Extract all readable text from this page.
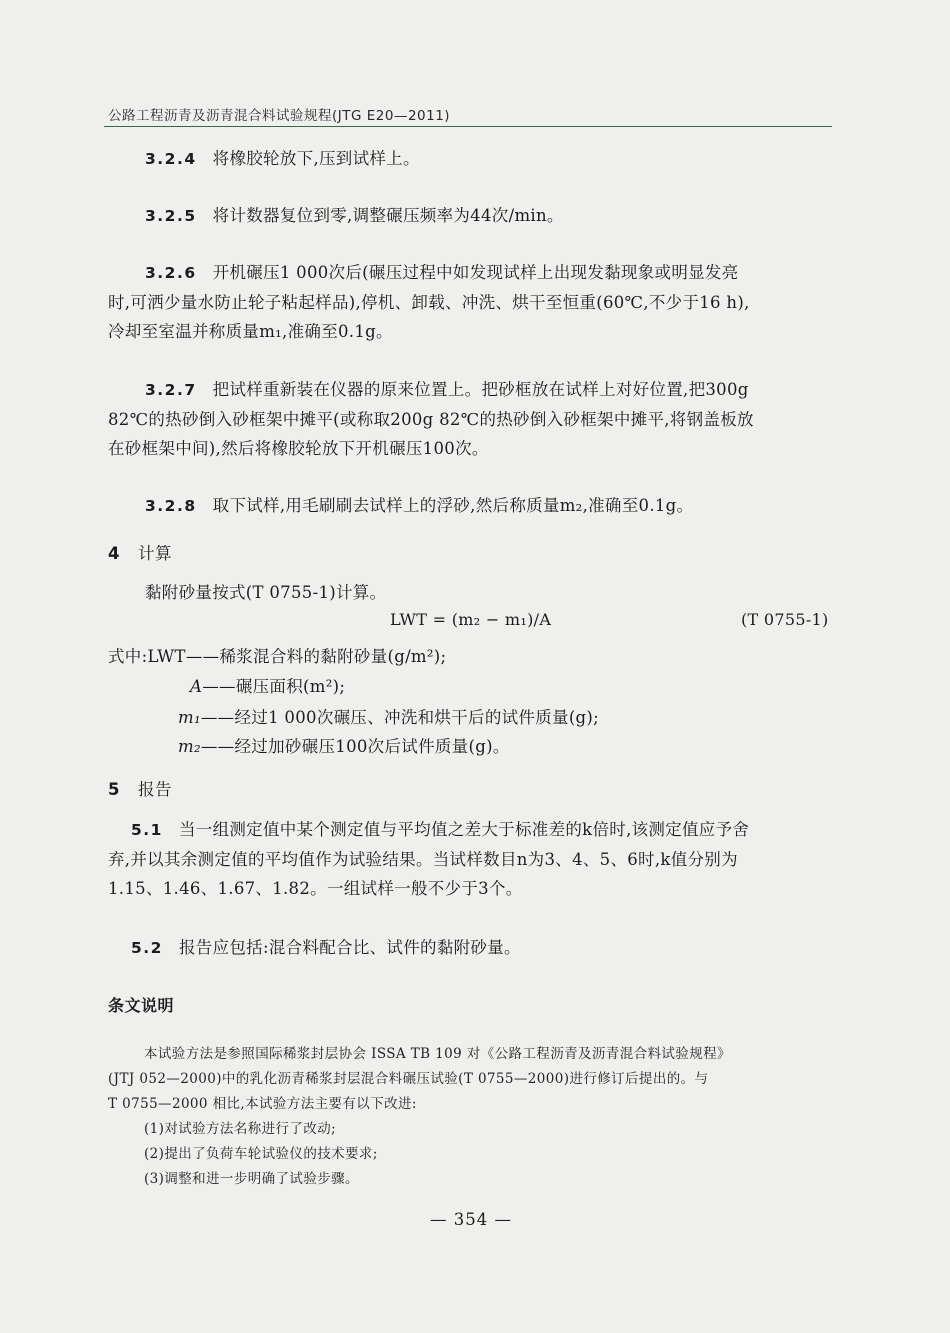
公路工程沥青及沥青混合料试验规程(JTG E20—2011)
3.2.4 将橡胶轮放下,压到试样上。
3.2.5 将计数器复位到零,调整碾压频率为44次/min。
3.2.6 开机碾压1 000次后(碾压过程中如发现试样上出现发黏现象或明显发亮
时,可洒少量水防止轮子粘起样品),停机、卸载、冲洗、烘干至恒重(60℃,不少于16 h),
冷却至室温并称质量m₁,准确至0.1g。
3.2.7 把试样重新装在仪器的原来位置上。把砂框放在试样上对好位置,把300g
82℃的热砂倒入砂框架中摊平(或称取200g 82℃的热砂倒入砂框架中摊平,将钢盖板放
在砂框架中间),然后将橡胶轮放下开机碾压100次。
3.2.8 取下试样,用毛刷刷去试样上的浮砂,然后称质量m₂,准确至0.1g。
4 计算
黏附砂量按式(T 0755-1)计算。
LWT = (m₂ − m₁)/A	(T 0755-1)
式中:LWT——稀浆混合料的黏附砂量(g/m²);
A——碾压面积(m²);
m₁——经过1 000次碾压、冲洗和烘干后的试件质量(g);
m₂——经过加砂碾压100次后试件质量(g)。
5 报告
5.1 当一组测定值中某个测定值与平均值之差大于标准差的k倍时,该测定值应予舍
弃,并以其余测定值的平均值作为试验结果。当试样数目n为3、4、5、6时,k值分别为
1.15、1.46、1.67、1.82。一组试样一般不少于3个。
5.2 报告应包括:混合料配合比、试件的黏附砂量。
条文说明
本试验方法是参照国际稀浆封层协会 ISSA TB 109 对《公路工程沥青及沥青混合料试验规程》
(JTJ 052—2000)中的乳化沥青稀浆封层混合料碾压试验(T 0755—2000)进行修订后提出的。与
T 0755—2000 相比,本试验方法主要有以下改进:
(1)对试验方法名称进行了改动;
(2)提出了负荷车轮试验仪的技术要求;
(3)调整和进一步明确了试验步骤。
— 354 —
